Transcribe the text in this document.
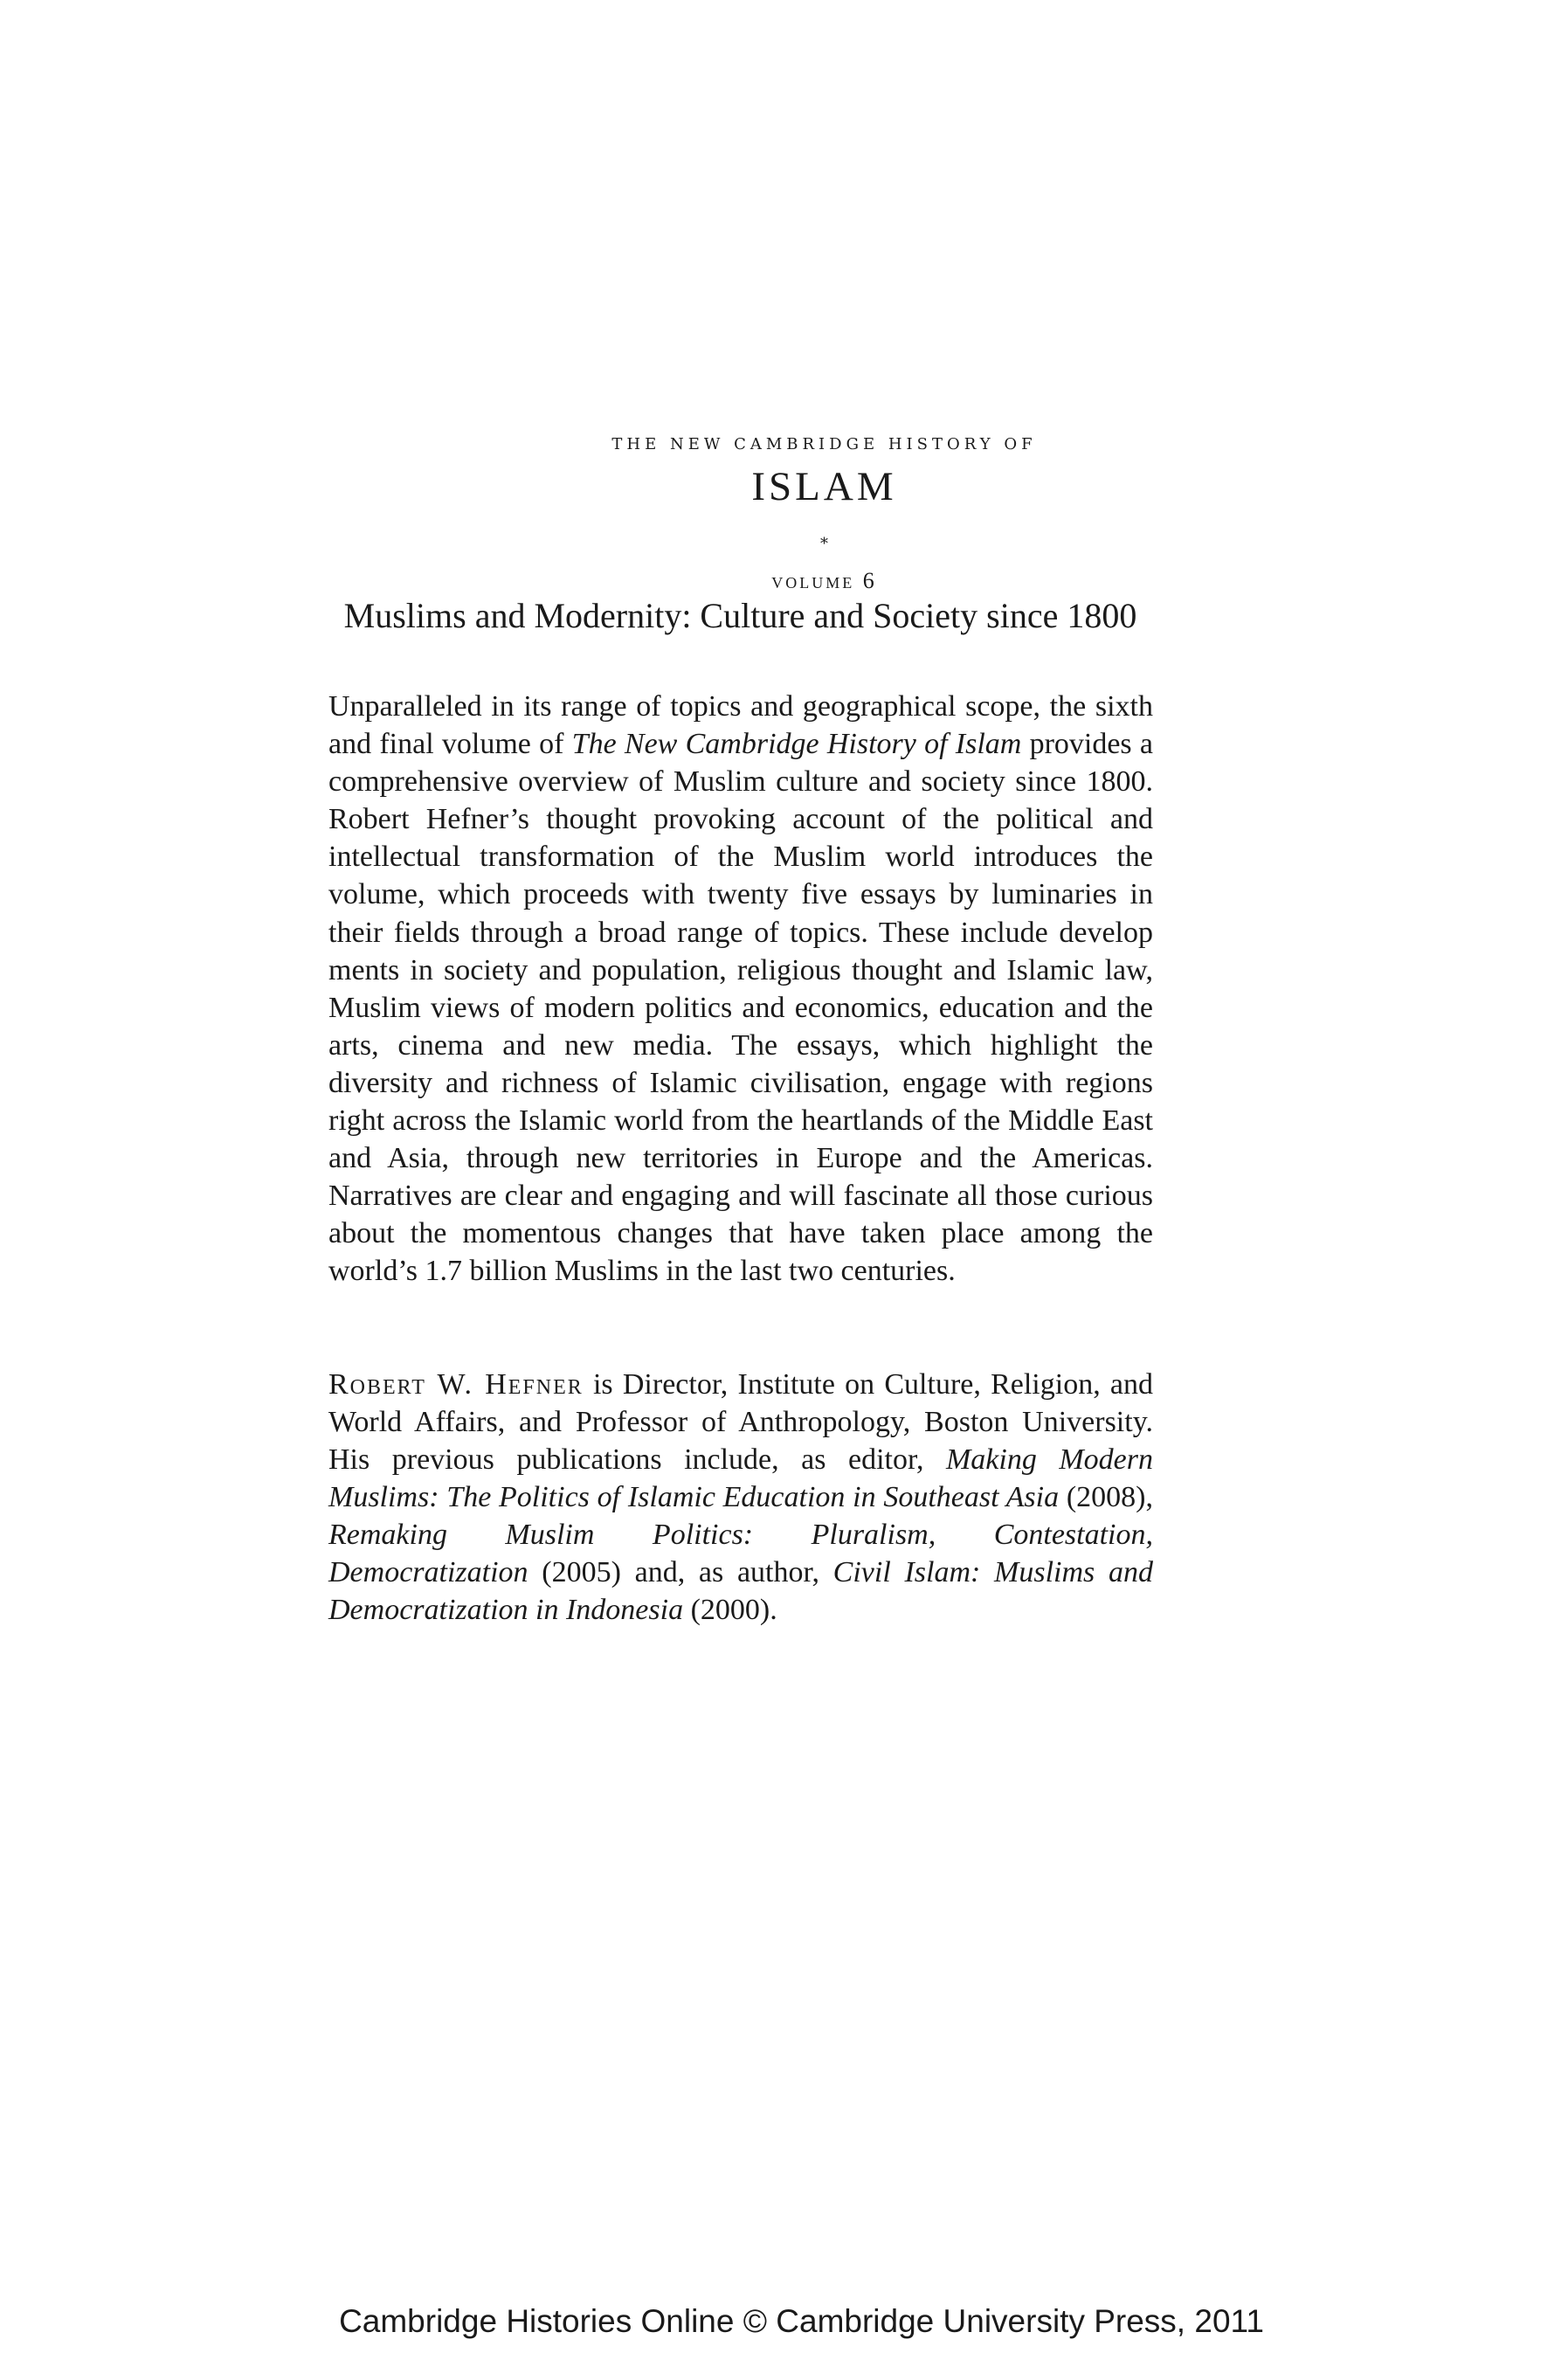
THE NEW CAMBRIDGE HISTORY OF
ISLAM
*
volume 6
Muslims and Modernity: Culture and Society since 1800

Unparalleled in its range of topics and geographical scope, the sixth and final volume of The New Cambridge History of Islam provides a comprehensive overview of Muslim culture and society since 1800. Robert Hefner’s thought provoking account of the political and intellectual transformation of the Muslim world introduces the volume, which proceeds with twenty five essays by luminaries in their fields through a broad range of topics. These include develop ments in society and population, religious thought and Islamic law, Muslim views of modern politics and economics, education and the arts, cinema and new media. The essays, which highlight the diversity and richness of Islamic civilisation, engage with regions right across the Islamic world from the heartlands of the Middle East and Asia, through new territories in Europe and the Americas. Narratives are clear and engaging and will fascinate all those curious about the momentous changes that have taken place among the world’s 1.7 billion Muslims in the last two centuries.

Robert W. Hefner is Director, Institute on Culture, Religion, and World Affairs, and Professor of Anthropology, Boston University. His previous publications include, as editor, Making Modern Muslims: The Politics of Islamic Education in Southeast Asia (2008), Remaking Muslim Politics: Pluralism, Contestation, Democratization (2005) and, as author, Civil Islam: Muslims and Democratization in Indonesia (2000).

Cambridge Histories Online © Cambridge University Press, 2011
